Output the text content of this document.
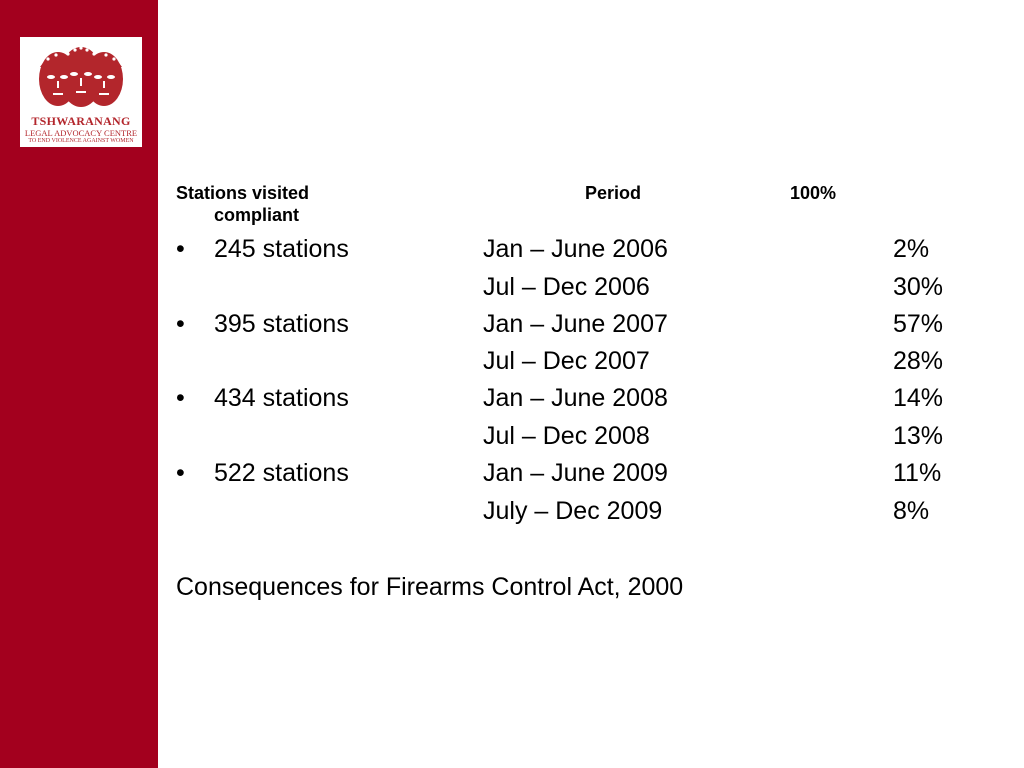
TSHWARANANG
LEGAL ADVOCACY CENTRE
TO END VIOLENCE AGAINST WOMEN
Stations visited	Period	100%
compliant
• 245 stations	Jan – June 2006	2%
Jul – Dec 2006	30%
• 395 stations	Jan – June 2007	57%
Jul – Dec 2007	28%
• 434 stations	Jan – June 2008	14%
Jul – Dec 2008	13%
• 522 stations	Jan – June 2009	11%
July – Dec 2009	8%
Consequences for Firearms Control Act, 2000
